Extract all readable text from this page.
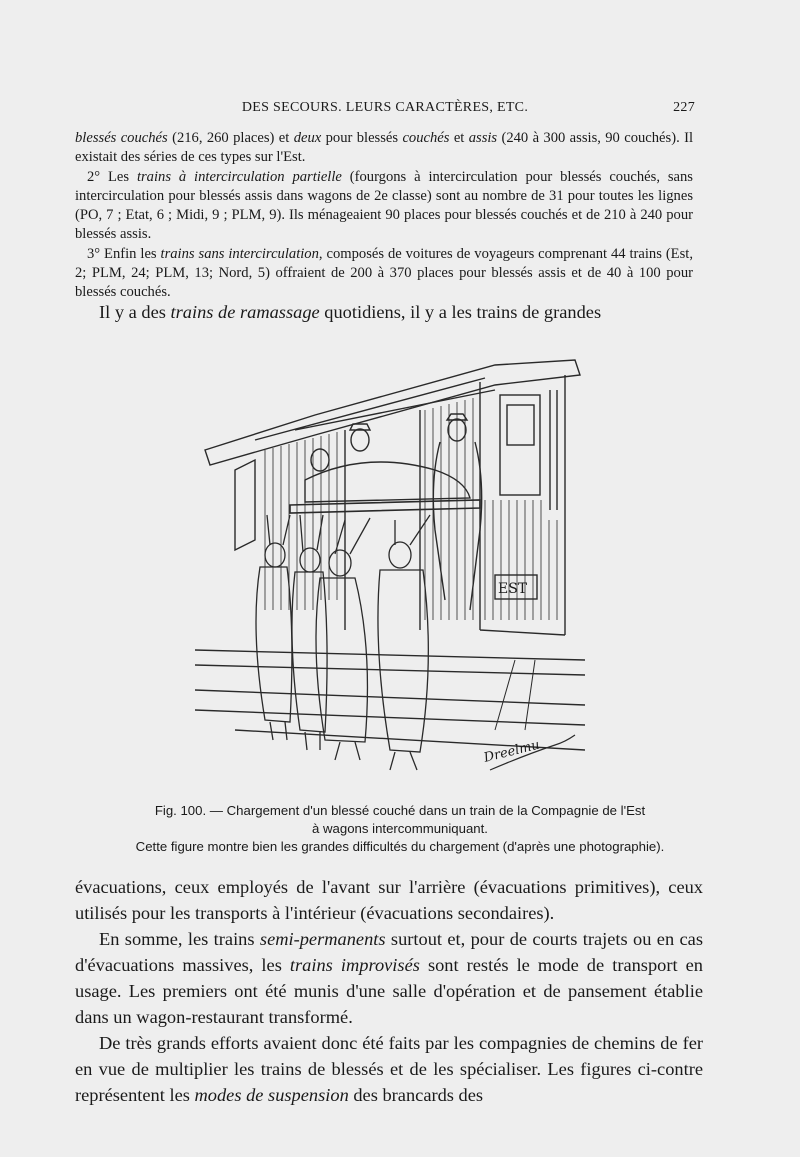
DES SECOURS. LEURS CARACTÈRES, ETC.	227

blessés couchés (216, 260 places) et deux pour blessés couchés et assis (240 à 300 assis, 90 couchés). Il existait des séries de ces types sur l'Est.

2° Les trains à intercirculation partielle (fourgons à intercirculation pour blessés couchés, sans intercirculation pour blessés assis dans wagons de 2e classe) sont au nombre de 31 pour toutes les lignes (PO, 7 ; Etat, 6 ; Midi, 9 ; PLM, 9). Ils ménageaient 90 places pour blessés couchés et de 210 à 240 pour blessés assis.

3° Enfin les trains sans intercirculation, composés de voitures de voyageurs comprenant 44 trains (Est, 2; PLM, 24; PLM, 13; Nord, 5) offraient de 200 à 370 places pour blessés assis et de 40 à 100 pour blessés couchés.

Il y a des trains de ramassage quotidiens, il y a les trains de grandes

EST
Dreelmu
Fig. 100. — Chargement d'un blessé couché dans un train de la Compagnie de l'Est
à wagons intercommuniquant.
Cette figure montre bien les grandes difficultés du chargement (d'après une photographie).

évacuations, ceux employés de l'avant sur l'arrière (évacuations primitives), ceux utilisés pour les transports à l'intérieur (évacuations secondaires).

En somme, les trains semi-permanents surtout et, pour de courts trajets ou en cas d'évacuations massives, les trains improvisés sont restés le mode de transport en usage. Les premiers ont été munis d'une salle d'opération et de pansement établie dans un wagon-restaurant transformé.

De très grands efforts avaient donc été faits par les compagnies de chemins de fer en vue de multiplier les trains de blessés et de les spécialiser. Les figures ci-contre représentent les modes de suspension des brancards des
